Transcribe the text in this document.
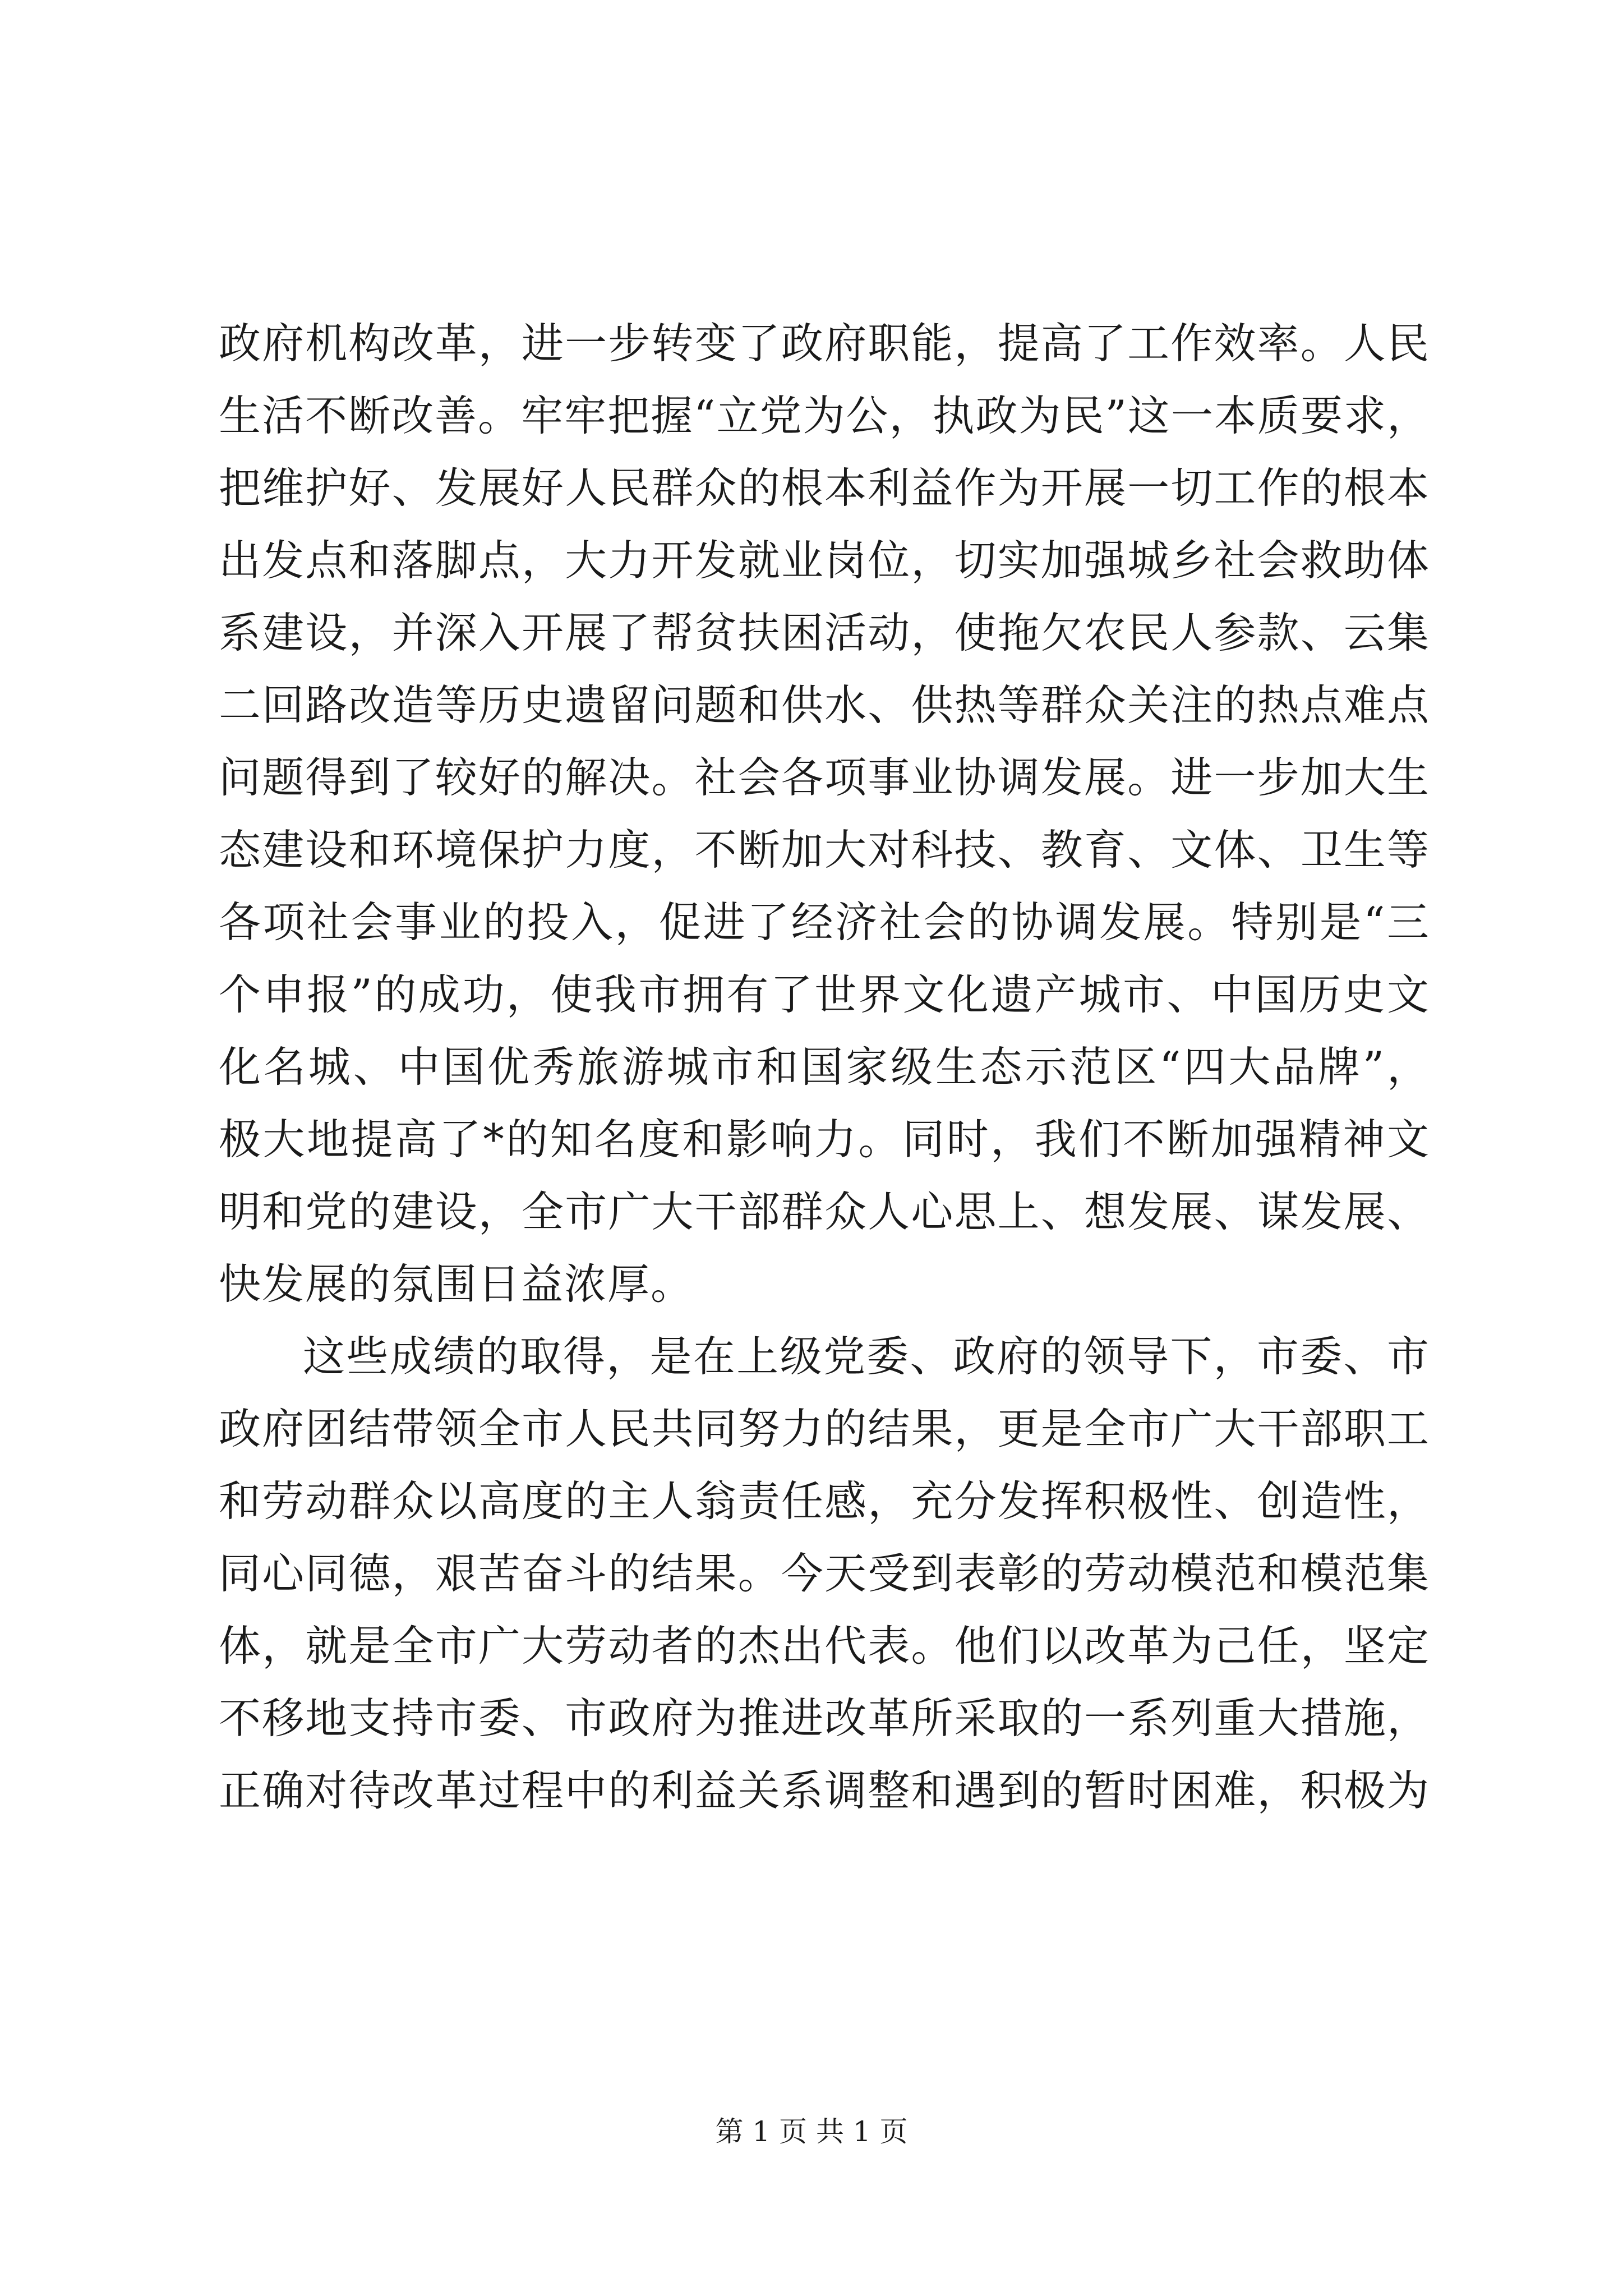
政府机构改革，进一步转变了政府职能，提高了工作效率。人民
生活不断改善。牢牢把握“立党为公，执政为民”这一本质要求，
把维护好、发展好人民群众的根本利益作为开展一切工作的根本
出发点和落脚点，大力开发就业岗位，切实加强城乡社会救助体
系建设，并深入开展了帮贫扶困活动，使拖欠农民人参款、云集
二回路改造等历史遗留问题和供水、供热等群众关注的热点难点
问题得到了较好的解决。社会各项事业协调发展。进一步加大生
态建设和环境保护力度，不断加大对科技、教育、文体、卫生等
各项社会事业的投入，促进了经济社会的协调发展。特别是“三
个申报”的成功，使我市拥有了世界文化遗产城市、中国历史文
化名城、中国优秀旅游城市和国家级生态示范区“四大品牌”，
极大地提高了*的知名度和影响力。同时，我们不断加强精神文
明和党的建设，全市广大干部群众人心思上、想发展、谋发展、
快发展的氛围日益浓厚。
这些成绩的取得，是在上级党委、政府的领导下，市委、市
政府团结带领全市人民共同努力的结果，更是全市广大干部职工
和劳动群众以高度的主人翁责任感，充分发挥积极性、创造性，
同心同德，艰苦奋斗的结果。今天受到表彰的劳动模范和模范集
体，就是全市广大劳动者的杰出代表。他们以改革为己任，坚定
不移地支持市委、市政府为推进改革所采取的一系列重大措施，
正确对待改革过程中的利益关系调整和遇到的暂时困难，积极为
第 1 页 共 1 页
